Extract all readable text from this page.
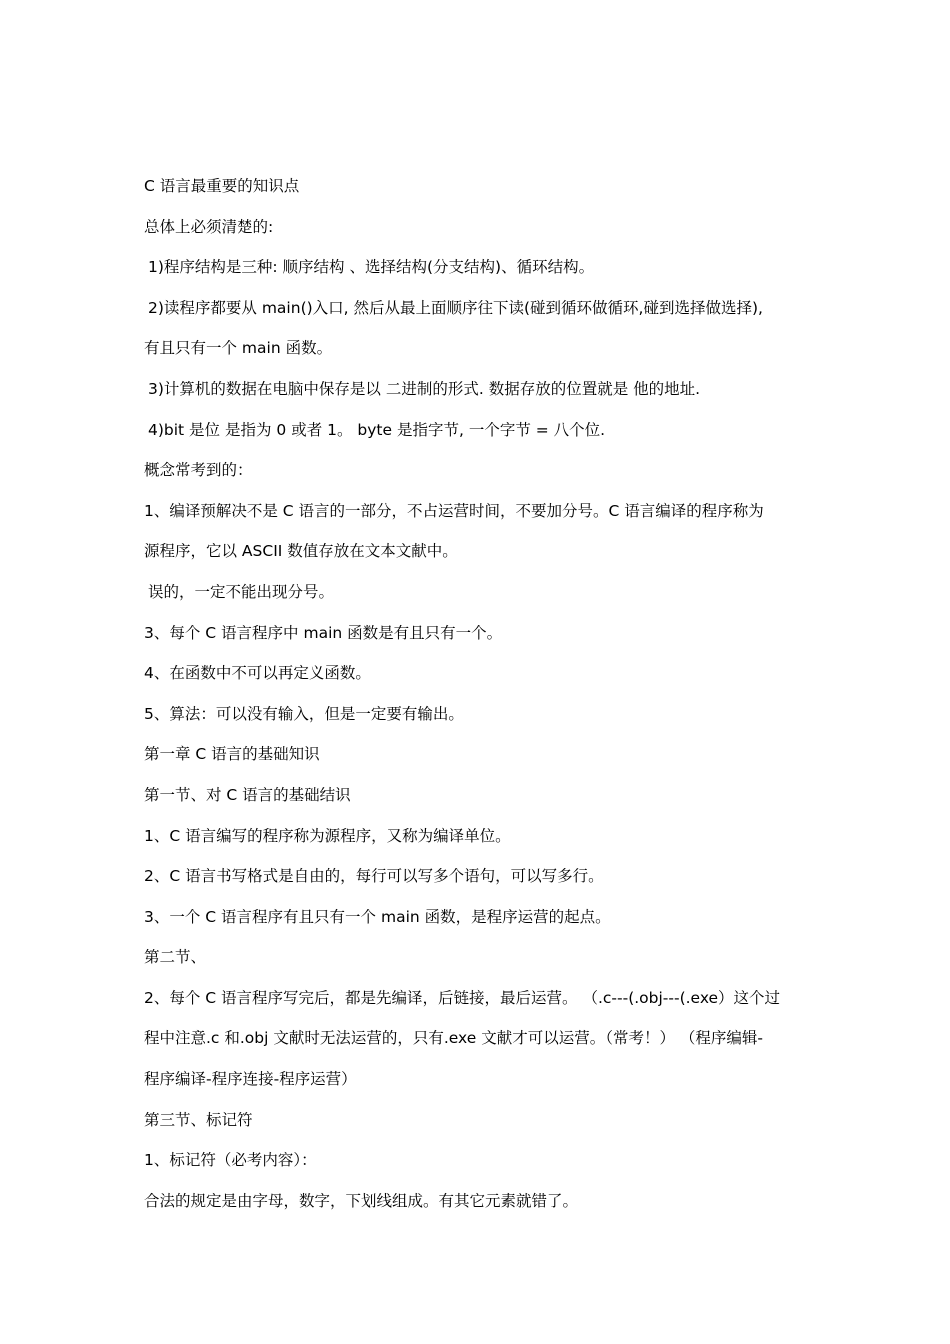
C 语言最重要的知识点
总体上必须清楚的:
1)程序结构是三种: 顺序结构 、选择结构(分支结构)、循环结构。
2)读程序都要从 main()入口, 然后从最上面顺序往下读(碰到循环做循环,碰到选择做选择),
有且只有一个 main 函数。
3)计算机的数据在电脑中保存是以 二进制的形式. 数据存放的位置就是 他的地址.
4)bit 是位 是指为 0 或者 1。 byte 是指字节, 一个字节 = 八个位.
概念常考到的：
1、编译预解决不是 C 语言的一部分，不占运营时间，不要加分号。C 语言编译的程序称为
源程序，它以 ASCII 数值存放在文本文献中。
误的，一定不能出现分号。
3、每个 C 语言程序中 main 函数是有且只有一个。
4、在函数中不可以再定义函数。
5、算法：可以没有输入，但是一定要有输出。
第一章 C 语言的基础知识
第一节、对 C 语言的基础结识
1、C 语言编写的程序称为源程序，又称为编译单位。
2、C 语言书写格式是自由的，每行可以写多个语句，可以写多行。
3、一个 C 语言程序有且只有一个 main 函数，是程序运营的起点。
第二节、
2、每个 C 语言程序写完后，都是先编译，后链接，最后运营。 （.c---(.obj---(.exe）这个过
程中注意.c 和.obj 文献时无法运营的，只有.exe 文献才可以运营。（常考！） （程序编辑-
程序编译-程序连接-程序运营）
第三节、标记符
1、标记符（必考内容）：
合法的规定是由字母，数字，下划线组成。有其它元素就错了。
